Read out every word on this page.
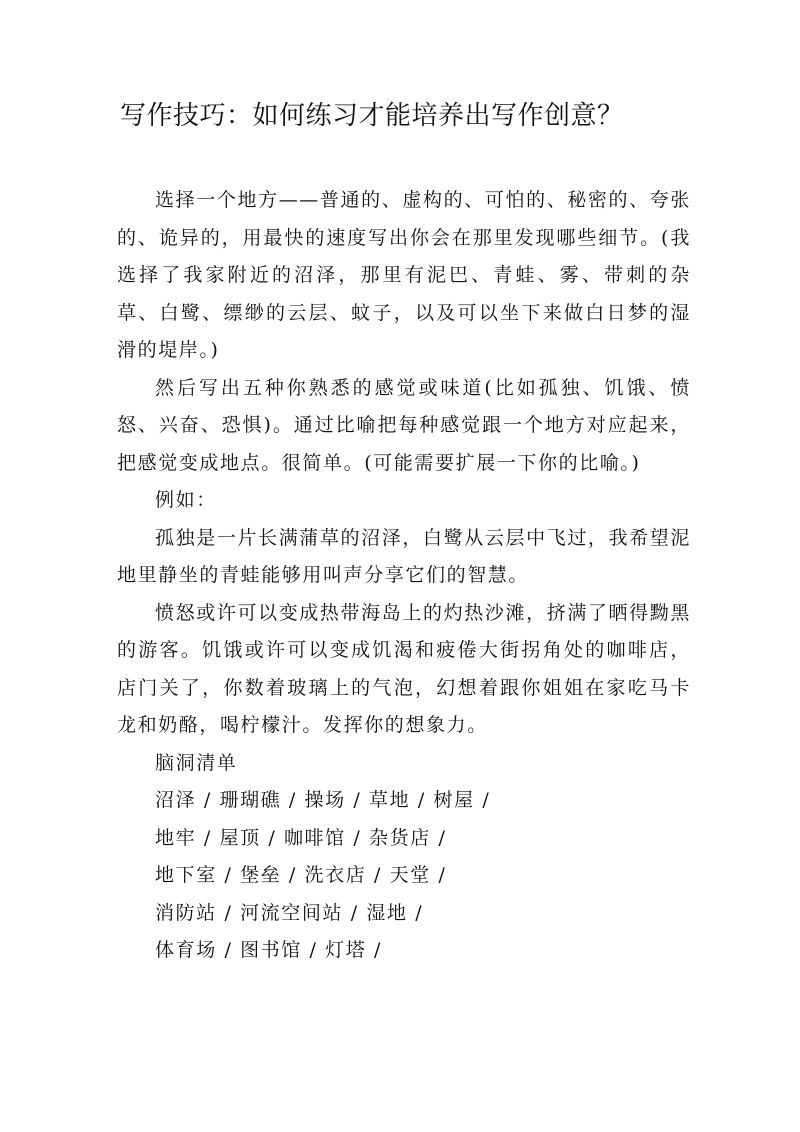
写作技巧：如何练习才能培养出写作创意？

选择一个地方——普通的、虚构的、可怕的、秘密的、夸张的、诡异的，用最快的速度写出你会在那里发现哪些细节。(我选择了我家附近的沼泽，那里有泥巴、青蛙、雾、带刺的杂草、白鹭、缥缈的云层、蚊子，以及可以坐下来做白日梦的湿滑的堤岸。)

然后写出五种你熟悉的感觉或味道(比如孤独、饥饿、愤怒、兴奋、恐惧)。通过比喻把每种感觉跟一个地方对应起来，把感觉变成地点。很简单。(可能需要扩展一下你的比喻。)

例如：

孤独是一片长满蒲草的沼泽，白鹭从云层中飞过，我希望泥地里静坐的青蛙能够用叫声分享它们的智慧。

愤怒或许可以变成热带海岛上的灼热沙滩，挤满了晒得黝黑的游客。饥饿或许可以变成饥渴和疲倦大街拐角处的咖啡店，店门关了，你数着玻璃上的气泡，幻想着跟你姐姐在家吃马卡龙和奶酪，喝柠檬汁。发挥你的想象力。

脑洞清单

沼泽 / 珊瑚礁 / 操场 / 草地 / 树屋 /

地牢 / 屋顶 / 咖啡馆 / 杂货店 /

地下室 / 堡垒 / 洗衣店 / 天堂 /

消防站 / 河流空间站 / 湿地 /

体育场 / 图书馆 / 灯塔 /
